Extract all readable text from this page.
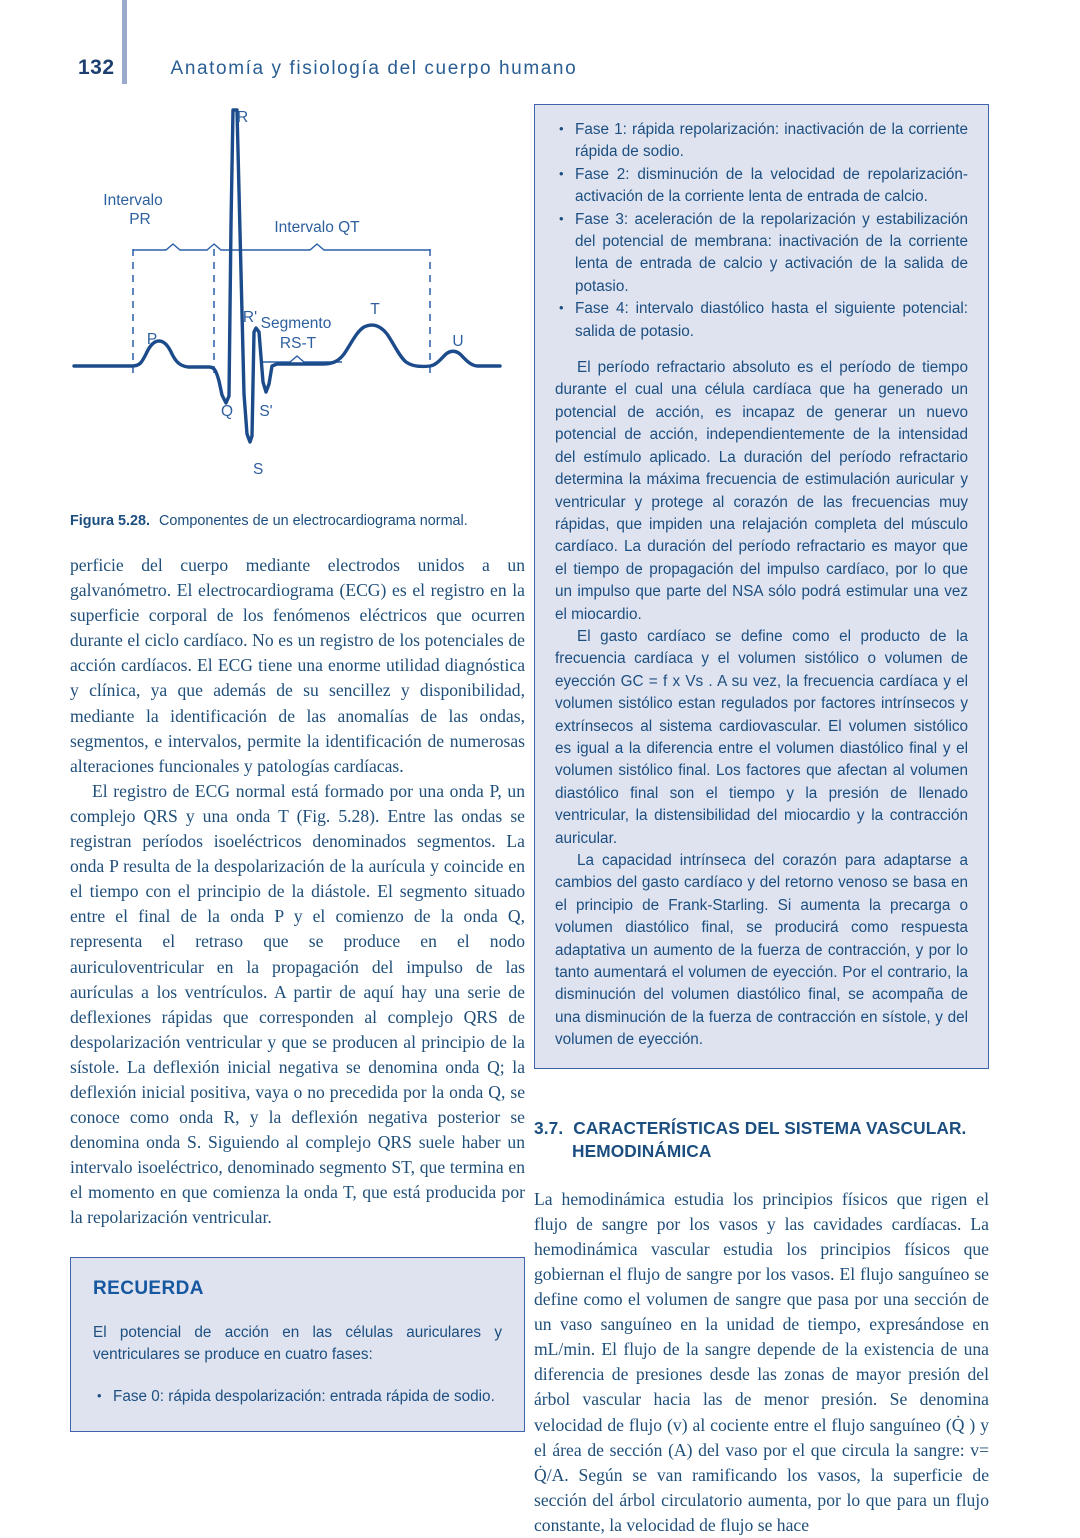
132	Anatomía y fisiología del cuerpo humano
Intervalo
PR	Intervalo QT
Segmento
RS-T
P
Q
R
S
R'
S'
T
U
Figura 5.28. Componentes de un electrocardiograma normal.

perficie del cuerpo mediante electrodos unidos a un galvanómetro. El electrocardiograma (ECG) es el registro en la superficie corporal de los fenómenos eléctricos que ocurren durante el ciclo cardíaco. No es un registro de los potenciales de acción cardíacos. El ECG tiene una enorme utilidad diagnóstica y clínica, ya que además de su sencillez y disponibilidad, mediante la identificación de las anomalías de las ondas, segmentos, e intervalos, permite la identificación de numerosas alteraciones funcionales y patologías cardíacas.

El registro de ECG normal está formado por una onda P, un complejo QRS y una onda T (Fig. 5.28). Entre las ondas se registran períodos isoeléctricos denominados segmentos. La onda P resulta de la despolarización de la aurícula y coincide en el tiempo con el principio de la diástole. El segmento situado entre el final de la onda P y el comienzo de la onda Q, representa el retraso que se produce en el nodo auriculoventricular en la propagación del impulso de las aurículas a los ventrículos. A partir de aquí hay una serie de deflexiones rápidas que corresponden al complejo QRS de despolarización ventricular y que se producen al principio de la sístole. La deflexión inicial negativa se denomina onda Q; la deflexión inicial positiva, vaya o no precedida por la onda Q, se conoce como onda R, y la deflexión negativa posterior se denomina onda S. Siguiendo al complejo QRS suele haber un intervalo isoeléctrico, denominado segmento ST, que termina en el momento en que comienza la onda T, que está producida por la repolarización ventricular.

RECUERDA
El potencial de acción en las células auriculares y ventriculares se produce en cuatro fases:
• Fase 0: rápida despolarización: entrada rápida de sodio.
• Fase 1: rápida repolarización: inactivación de la corriente rápida de sodio.
• Fase 2: disminución de la velocidad de repolarización-activación de la corriente lenta de entrada de calcio.
• Fase 3: aceleración de la repolarización y estabilización del potencial de membrana: inactivación de la corriente lenta de entrada de calcio y activación de la salida de potasio.
• Fase 4: intervalo diastólico hasta el siguiente potencial: salida de potasio.

El período refractario absoluto es el período de tiempo durante el cual una célula cardíaca que ha generado un potencial de acción, es incapaz de generar un nuevo potencial de acción, independientemente de la intensidad del estímulo aplicado. La duración del período refractario determina la máxima frecuencia de estimulación auricular y ventricular y protege al corazón de las frecuencias muy rápidas, que impiden una relajación completa del músculo cardíaco. La duración del período refractario es mayor que el tiempo de propagación del impulso cardíaco, por lo que un impulso que parte del NSA sólo podrá estimular una vez el miocardio.

El gasto cardíaco se define como el producto de la frecuencia cardíaca y el volumen sistólico o volumen de eyección GC = f x Vs . A su vez, la frecuencia cardíaca y el volumen sistólico estan regulados por factores intrínsecos y extrínsecos al sistema cardiovascular. El volumen sistólico es igual a la diferencia entre el volumen diastólico final y el volumen sistólico final. Los factores que afectan al volumen diastólico final son el tiempo y la presión de llenado ventricular, la distensibilidad del miocardio y la contracción auricular.

La capacidad intrínseca del corazón para adaptarse a cambios del gasto cardíaco y del retorno venoso se basa en el principio de Frank-Starling. Si aumenta la precarga o volumen diastólico final, se producirá como respuesta adaptativa un aumento de la fuerza de contracción, y por lo tanto aumentará el volumen de eyección. Por el contrario, la disminución del volumen diastólico final, se acompaña de una disminución de la fuerza de contracción en sístole, y del volumen de eyección.

3.7. CARACTERÍSTICAS DEL SISTEMA VASCULAR.
HEMODINÁMICA

La hemodinámica estudia los principios físicos que rigen el flujo de sangre por los vasos y las cavidades cardíacas. La hemodinámica vascular estudia los principios físicos que gobiernan el flujo de sangre por los vasos. El flujo sanguíneo se define como el volumen de sangre que pasa por una sección de un vaso sanguíneo en la unidad de tiempo, expresándose en mL/min. El flujo de la sangre depende de la existencia de una diferencia de presiones desde las zonas de mayor presión del árbol vascular hacia las de menor presión. Se denomina velocidad de flujo (v) al cociente entre el flujo sanguíneo (Q̇ ) y el área de sección (A) del vaso por el que circula la sangre: v= Q̇/A. Según se van ramificando los vasos, la superficie de sección del árbol circulatorio aumenta, por lo que para un flujo constante, la velocidad de flujo se hace
